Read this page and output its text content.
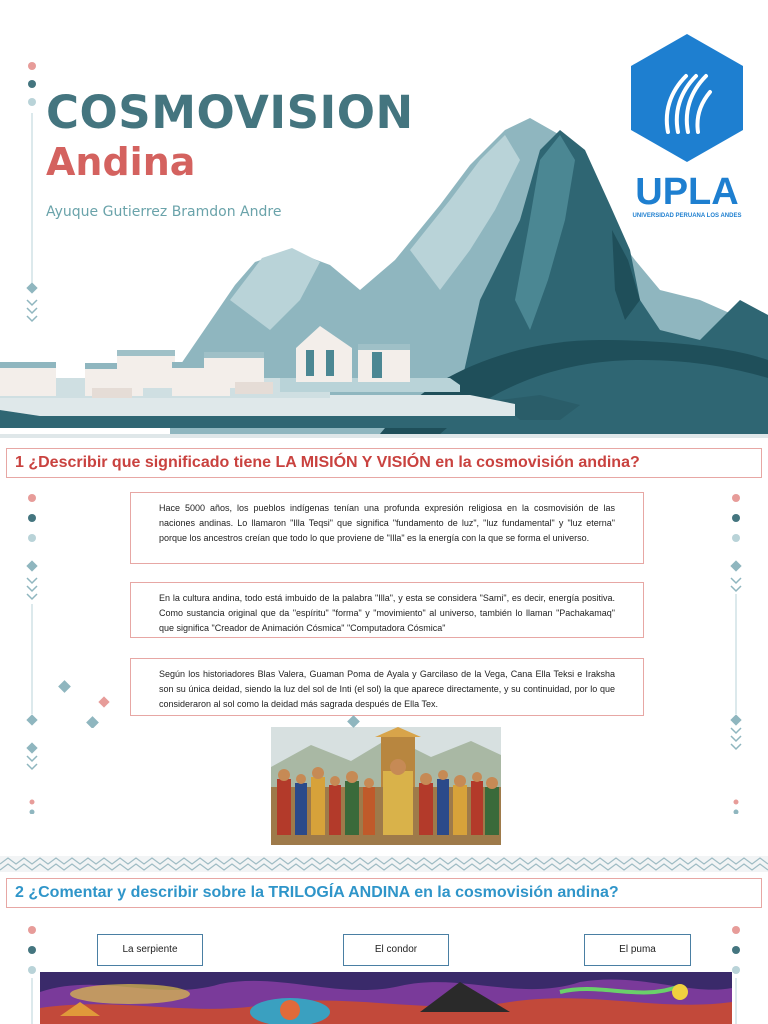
COSMOVISION
Andina
Ayuque Gutierrez Bramdon Andre	UPLA
UNIVERSIDAD PERUANA LOS ANDES
1 ¿Describir que significado tiene LA MISIÓN Y VISIÓN en la cosmovisión andina?
Hace 5000 años, los pueblos indígenas tenían una profunda expresión religiosa en la cosmovisión de las naciones andinas. Lo llamaron "Illa Teqsi" que significa "fundamento de luz", "luz fundamental" y "luz eterna" porque los ancestros creían que todo lo que proviene de "Illa" es la energía con la que se forma el universo.
En la cultura andina, todo está imbuido de la palabra "Illa", y esta se considera "Sami", es decir, energía positiva. Como sustancia original que da "espíritu" "forma" y "movimiento" al universo, también lo llaman "Pachakamaq" que significa "Creador de Animación Cósmica" "Computadora Cósmica"
Según los historiadores Blas Valera, Guaman Poma de Ayala y Garcilaso de la Vega, Cana Ella Teksi e Iraksha son su única deidad, siendo la luz del sol de Inti (el sol) la que aparece directamente, y su continuidad, por lo que consideraron al sol como la deidad más sagrada después de Ella Tex.
2 ¿Comentar y describir sobre la TRILOGÍA ANDINA en la cosmovisión andina?
La serpiente	El condor	El puma
